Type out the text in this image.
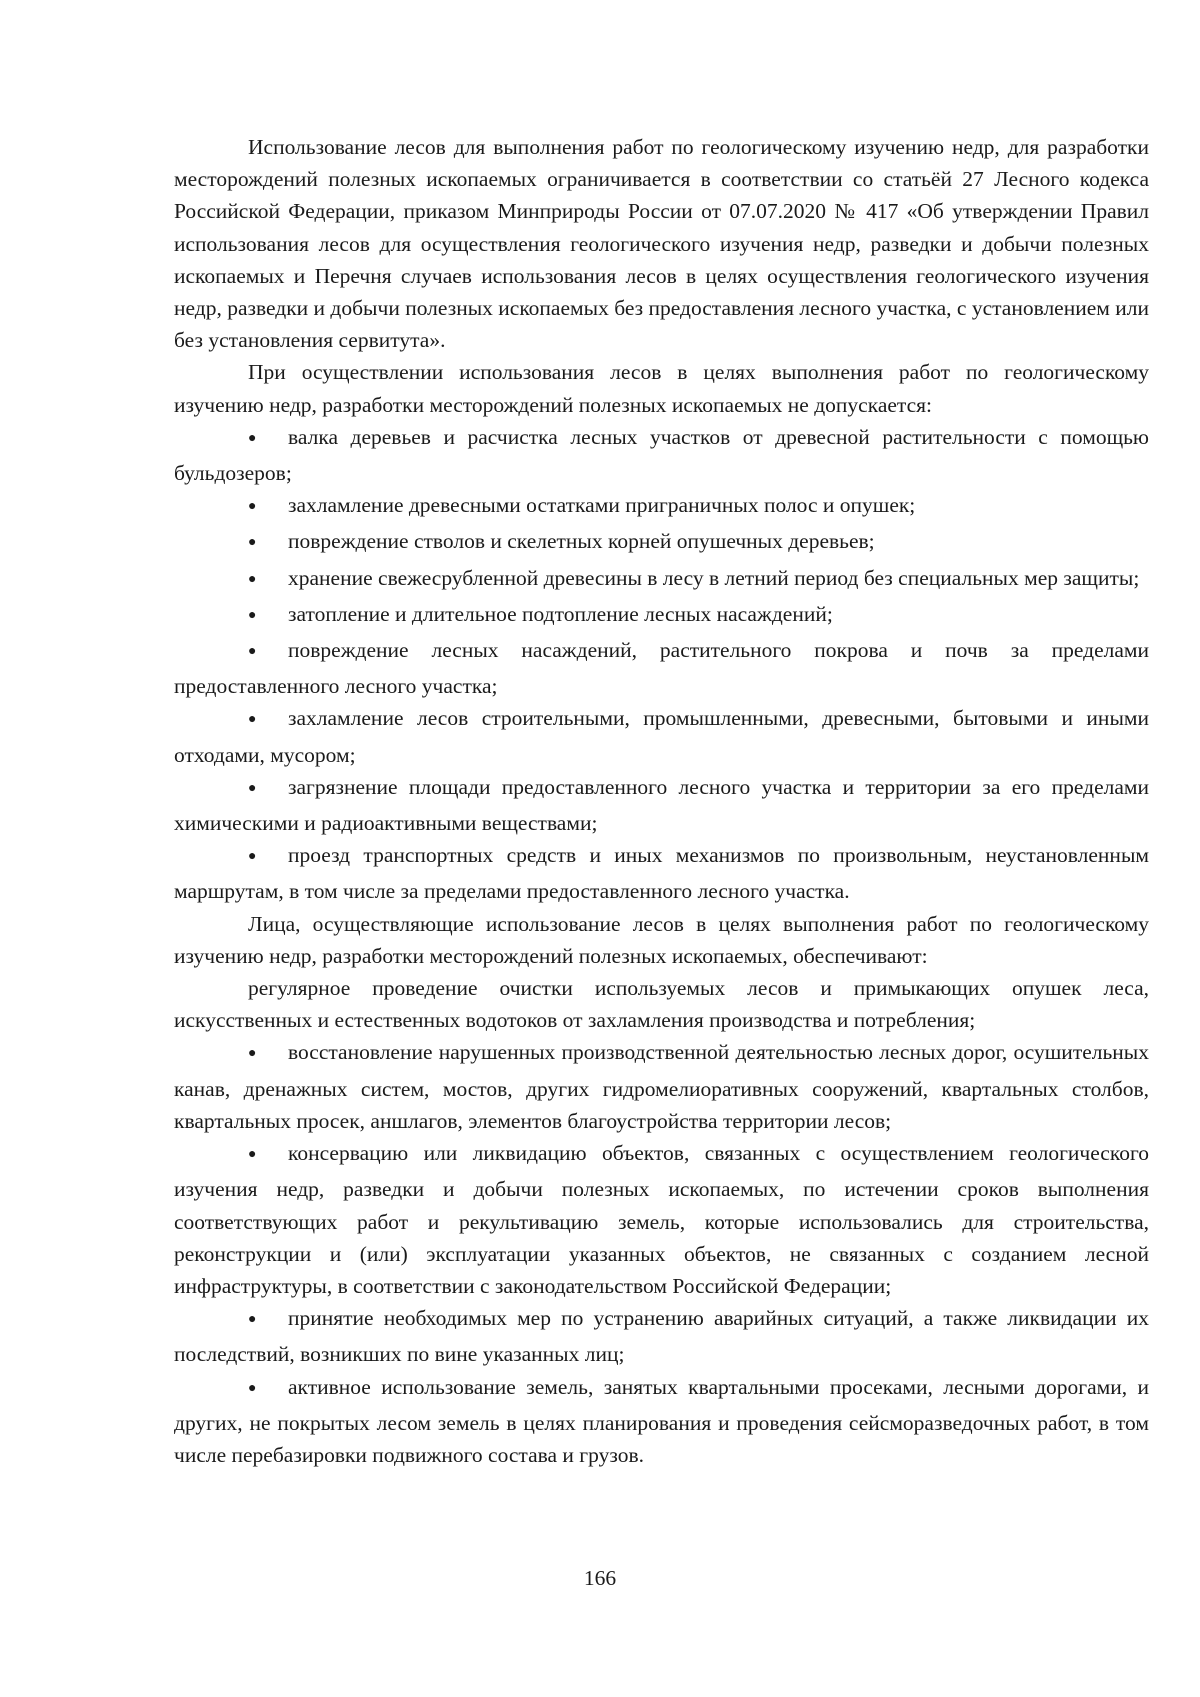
Использование лесов для выполнения работ по геологическому изучению недр, для разработки месторождений полезных ископаемых ограничивается в соответствии со статьёй 27 Лесного кодекса Российской Федерации, приказом Минприроды России от 07.07.2020 № 417 «Об утверждении Правил использования лесов для осуществления геологического изучения недр, разведки и добычи полезных ископаемых и Перечня случаев использования лесов в целях осуществления геологического изучения недр, разведки и добычи полезных ископаемых без предоставления лесного участка, с установлением или без установления сервитута».

При осуществлении использования лесов в целях выполнения работ по геологическому изучению недр, разработки месторождений полезных ископаемых не допускается:

●валка деревьев и расчистка лесных участков от древесной растительности с помощью бульдозеров;

●захламление древесными остатками приграничных полос и опушек;

●повреждение стволов и скелетных корней опушечных деревьев;

●хранение свежесрубленной древесины в лесу в летний период без специальных мер защиты;

●затопление и длительное подтопление лесных насаждений;

●повреждение лесных насаждений, растительного покрова и почв за пределами предоставленного лесного участка;

●захламление лесов строительными, промышленными, древесными, бытовыми и иными отходами, мусором;

●загрязнение площади предоставленного лесного участка и территории за его пределами химическими и радиоактивными веществами;

●проезд транспортных средств и иных механизмов по произвольным, неустановленным маршрутам, в том числе за пределами предоставленного лесного участка.

Лица, осуществляющие использование лесов в целях выполнения работ по геологическому изучению недр, разработки месторождений полезных ископаемых, обеспечивают:

регулярное проведение очистки используемых лесов и примыкающих опушек леса, искусственных и естественных водотоков от захламления производства и потребления;

●восстановление нарушенных производственной деятельностью лесных дорог, осушительных канав, дренажных систем, мостов, других гидромелиоративных сооружений, квартальных столбов, квартальных просек, аншлагов, элементов благоустройства территории лесов;

●консервацию или ликвидацию объектов, связанных с осуществлением геологического изучения недр, разведки и добычи полезных ископаемых, по истечении сроков выполнения соответствующих работ и рекультивацию земель, которые использовались для строительства, реконструкции и (или) эксплуатации указанных объектов, не связанных с созданием лесной инфраструктуры, в соответствии с законодательством Российской Федерации;

●принятие необходимых мер по устранению аварийных ситуаций, а также ликвидации их последствий, возникших по вине указанных лиц;

●активное использование земель, занятых квартальными просеками, лесными дорогами, и других, не покрытых лесом земель в целях планирования и проведения сейсморазведочных работ, в том числе перебазировки подвижного состава и грузов.

166
